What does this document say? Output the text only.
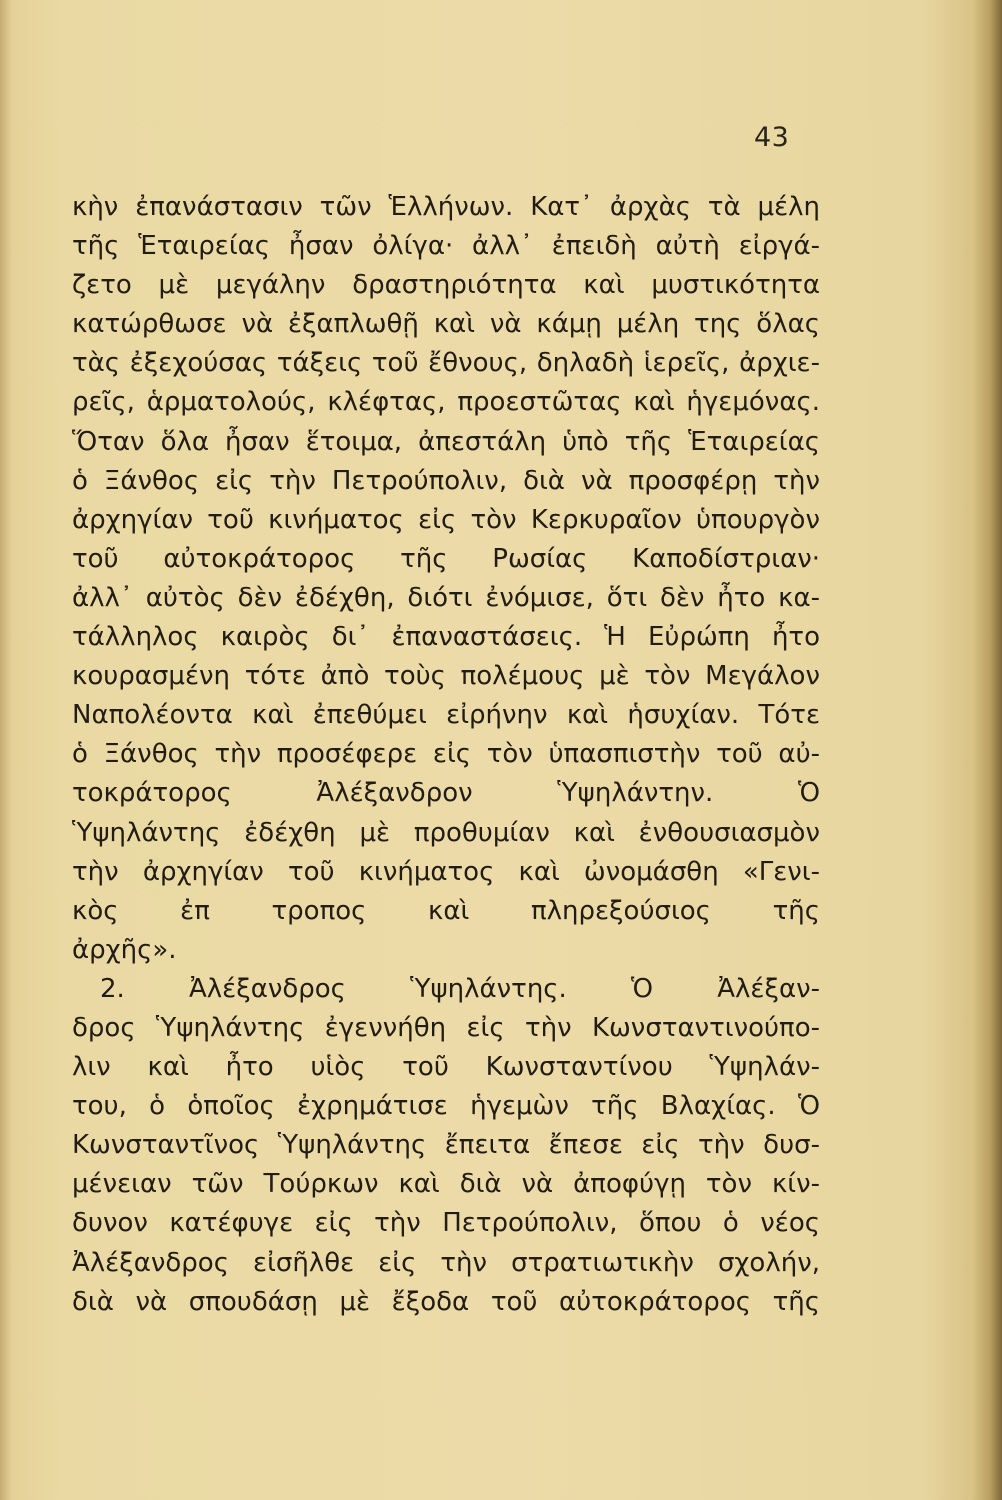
43
κὴν ἐπανάστασιν τῶν Ἑλλήνων. Κατ᾿ ἀρχὰς τὰ μέλη
τῆς Ἑταιρείας ἦσαν ὀλίγα· ἀλλ᾿ ἐπειδὴ αὐτὴ εἰργά-
ζετο μὲ μεγάλην δραστηριότητα καὶ μυστικότητα
κατώρθωσε νὰ ἐξαπλωθῇ καὶ νὰ κάμῃ μέλη της ὅλας
τὰς ἐξεχούσας τάξεις τοῦ ἔθνους, δηλαδὴ ἱερεῖς, ἀρχιε-
ρεῖς, ἁρματολούς, κλέφτας, προεστῶτας καὶ ἡγεμόνας.
Ὅταν ὅλα ἦσαν ἕτοιμα, ἀπεστάλη ὑπὸ τῆς Ἑταιρείας
ὁ Ξάνθος εἰς τὴν Πετρούπολιν, διὰ νὰ προσφέρῃ τὴν
ἀρχηγίαν τοῦ κινήματος εἰς τὸν Κερκυραῖον ὑπουργὸν
τοῦ αὐτοκράτορος τῆς Ρωσίας Καποδίστριαν·
ἀλλ᾿ αὐτὸς δὲν ἐδέχθη, διότι ἐνόμισε, ὅτι δὲν ἦτο κα-
τάλληλος καιρὸς δι᾿ ἐπαναστάσεις. Ἡ Εὐρώπη ἦτο
κουρασμένη τότε ἀπὸ τοὺς πολέμους μὲ τὸν Μεγάλον
Ναπολέοντα καὶ ἐπεθύμει εἰρήνην καὶ ἡσυχίαν. Τότε
ὁ Ξάνθος τὴν προσέφερε εἰς τὸν ὑπασπιστὴν τοῦ αὐ-
τοκράτορος Ἀλέξανδρον Ὑψηλάντην. Ὁ
Ὑψηλάντης ἐδέχθη μὲ προθυμίαν καὶ ἐνθουσιασμὸν
τὴν ἀρχηγίαν τοῦ κινήματος καὶ ὠνομάσθη «Γενι-
κὸς ἐπ τροπος καὶ πληρεξούσιος τῆς
ἀρχῆς».
2. Ἀλέξανδρος Ὑψηλάντης. Ὁ Ἀλέξαν-
δρος Ὑψηλάντης ἐγεννήθη εἰς τὴν Κωνσταντινούπο-
λιν καὶ ἦτο υἱὸς τοῦ Κωνσταντίνου Ὑψηλάν-
του, ὁ ὁποῖος ἐχρημάτισε ἡγεμὼν τῆς Βλαχίας. Ὁ
Κωνσταντῖνος Ὑψηλάντης ἔπειτα ἔπεσε εἰς τὴν δυσ-
μένειαν τῶν Τούρκων καὶ διὰ νὰ ἀποφύγῃ τὸν κίν-
δυνον κατέφυγε εἰς τὴν Πετρούπολιν, ὅπου ὁ νέος
Ἀλέξανδρος εἰσῆλθε εἰς τὴν στρατιωτικὴν σχολήν,
διὰ νὰ σπουδάσῃ μὲ ἔξοδα τοῦ αὐτοκράτορος τῆς
